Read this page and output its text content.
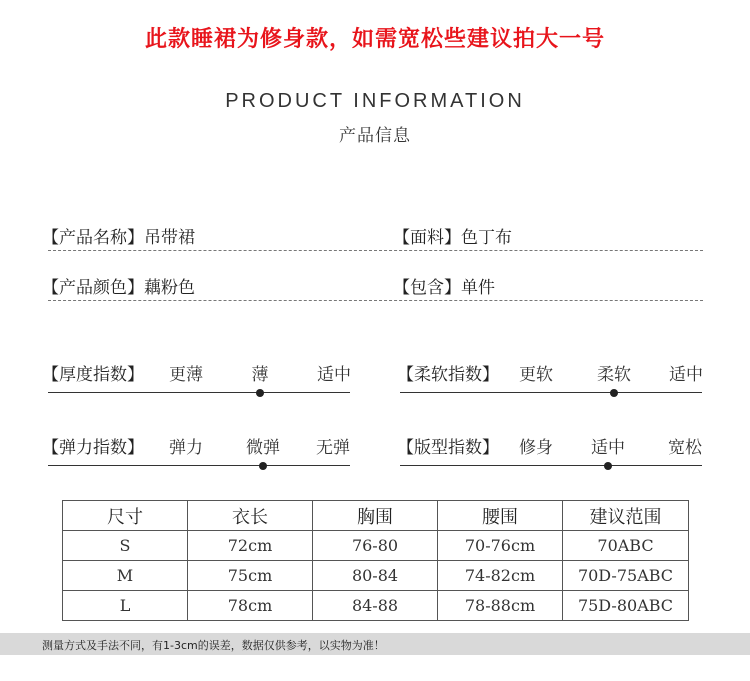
此款睡裙为修身款，如需宽松些建议拍大一号
PRODUCT INFORMATION
产品信息
【产品名称】吊带裙	【面料】色丁布
【产品颜色】藕粉色	【包含】单件
【厚度指数】 更薄	薄	适中	【柔软指数】 更软	柔软 适中
【弹力指数】 弹力	微弹 无弹	【版型指数】 修身 适中	宽松
尺寸	衣长	胸围	腰围	建议范围
S	72cm	76-80	70-76cm	70ABC
M	75cm	80-84	74-82cm	70D-75ABC
L	78cm	84-88	78-88cm	75D-80ABC
测量方式及手法不同，有1-3cm的误差，数据仅供参考，以实物为准！
